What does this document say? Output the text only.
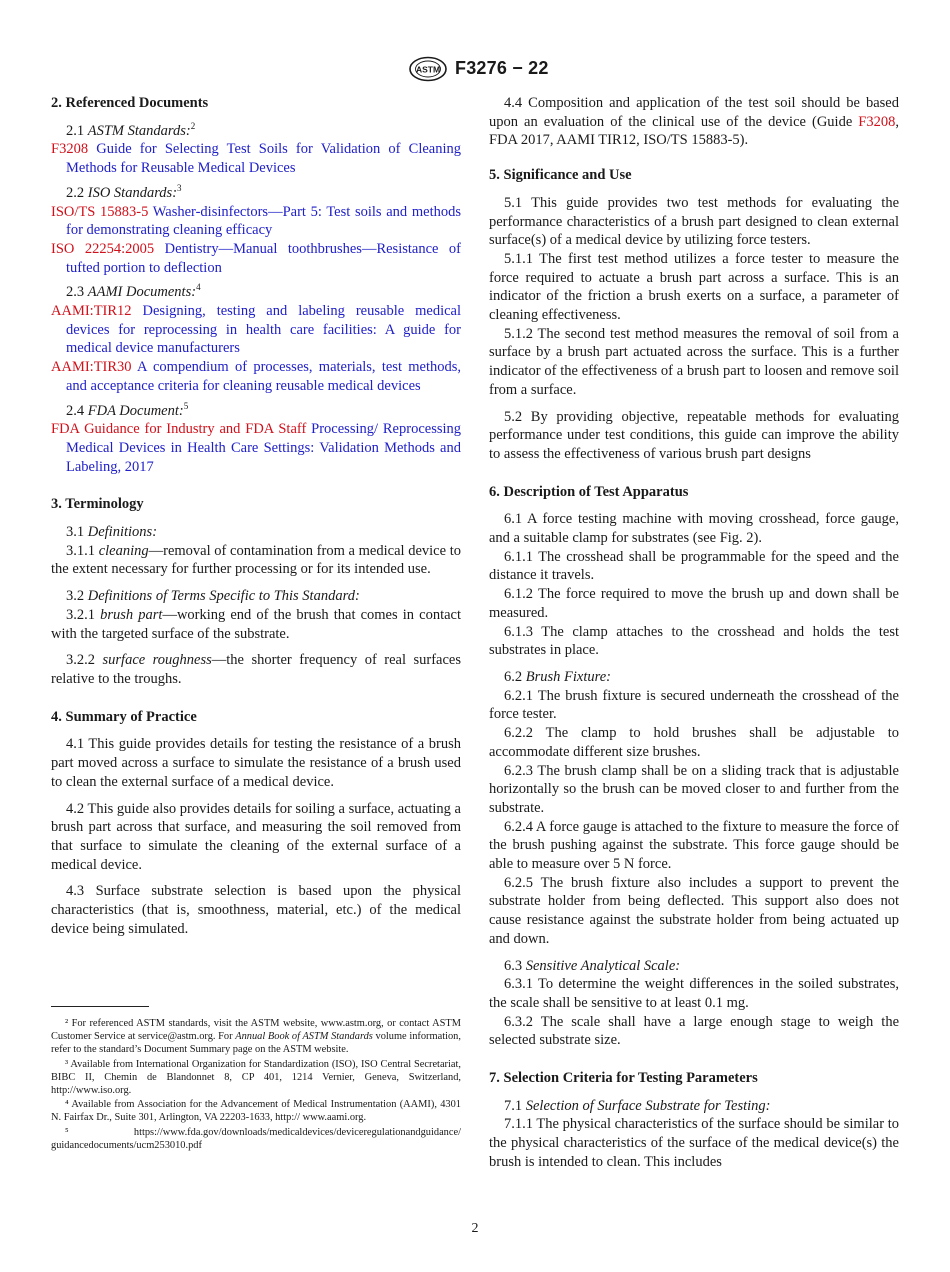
ASTM F3276 − 22
2. Referenced Documents

2.1 ASTM Standards:$^2$

F3208 Guide for Selecting Test Soils for Validation of Cleaning Methods for Reusable Medical Devices

2.2 ISO Standards:$^3$

ISO/TS 15883-5 Washer-disinfectors—Part 5: Test soils and methods for demonstrating cleaning efficacy

ISO 22254:2005 Dentistry—Manual toothbrushes—Resistance of tufted portion to deflection

2.3 AAMI Documents:$^4$

AAMI:TIR12 Designing, testing and labeling reusable medical devices for reprocessing in health care facilities: A guide for medical device manufacturers

AAMI:TIR30 A compendium of processes, materials, test methods, and acceptance criteria for cleaning reusable medical devices

2.4 FDA Document:$^5$

FDA Guidance for Industry and FDA Staff Processing/ Reprocessing Medical Devices in Health Care Settings: Validation Methods and Labeling, 2017

3. Terminology

3.1 Definitions:

3.1.1 cleaning—removal of contamination from a medical device to the extent necessary for further processing or for its intended use.

3.2 Definitions of Terms Specific to This Standard:

3.2.1 brush part—working end of the brush that comes in contact with the targeted surface of the substrate.

3.2.2 surface roughness—the shorter frequency of real surfaces relative to the troughs.

4. Summary of Practice

4.1 This guide provides details for testing the resistance of a brush part moved across a surface to simulate the resistance of a brush used to clean the external surface of a medical device.

4.2 This guide also provides details for soiling a surface, actuating a brush part across that surface, and measuring the soil removed from that surface to simulate the cleaning of the external surface of a medical device.

4.3 Surface substrate selection is based upon the physical characteristics (that is, smoothness, material, etc.) of the medical device being simulated.

² For referenced ASTM standards, visit the ASTM website, www.astm.org, or contact ASTM Customer Service at service@astm.org. For Annual Book of ASTM Standards volume information, refer to the standard’s Document Summary page on the ASTM website.

³ Available from International Organization for Standardization (ISO), ISO Central Secretariat, BIBC II, Chemin de Blandonnet 8, CP 401, 1214 Vernier, Geneva, Switzerland, http://www.iso.org.

⁴ Available from Association for the Advancement of Medical Instrumentation (AAMI), 4301 N. Fairfax Dr., Suite 301, Arlington, VA 22203-1633, http:// www.aami.org.

⁵ https://www.fda.gov/downloads/medicaldevices/deviceregulationandguidance/ guidancedocuments/ucm253010.pdf

4.4 Composition and application of the test soil should be based upon an evaluation of the clinical use of the device (Guide F3208, FDA 2017, AAMI TIR12, ISO/TS 15883-5).

5. Significance and Use

5.1 This guide provides two test methods for evaluating the performance characteristics of a brush part designed to clean external surface(s) of a medical device by utilizing force testers.

5.1.1 The first test method utilizes a force tester to measure the force required to actuate a brush part across a surface. This is an indicator of the friction a brush exerts on a surface, a parameter of cleaning effectiveness.

5.1.2 The second test method measures the removal of soil from a surface by a brush part actuated across the surface. This is a further indicator of the effectiveness of a brush part to loosen and remove soil from a surface.

5.2 By providing objective, repeatable methods for evaluating performance under test conditions, this guide can improve the ability to assess the effectiveness of various brush part designs

6. Description of Test Apparatus

6.1 A force testing machine with moving crosshead, force gauge, and a suitable clamp for substrates (see Fig. 2).

6.1.1 The crosshead shall be programmable for the speed and the distance it travels.

6.1.2 The force required to move the brush up and down shall be measured.

6.1.3 The clamp attaches to the crosshead and holds the test substrates in place.

6.2 Brush Fixture:

6.2.1 The brush fixture is secured underneath the crosshead of the force tester.

6.2.2 The clamp to hold brushes shall be adjustable to accommodate different size brushes.

6.2.3 The brush clamp shall be on a sliding track that is adjustable horizontally so the brush can be moved closer to and further from the substrate.

6.2.4 A force gauge is attached to the fixture to measure the force of the brush pushing against the substrate. This force gauge should be able to measure over 5 N force.

6.2.5 The brush fixture also includes a support to prevent the substrate holder from being deflected. This support also does not cause resistance against the substrate holder from being actuated up and down.

6.3 Sensitive Analytical Scale:

6.3.1 To determine the weight differences in the soiled substrates, the scale shall be sensitive to at least 0.1 mg.

6.3.2 The scale shall have a large enough stage to weigh the selected substrate size.

7. Selection Criteria for Testing Parameters

7.1 Selection of Surface Substrate for Testing:

7.1.1 The physical characteristics of the surface should be similar to the physical characteristics of the surface of the medical device(s) the brush is intended to clean. This includes

2
